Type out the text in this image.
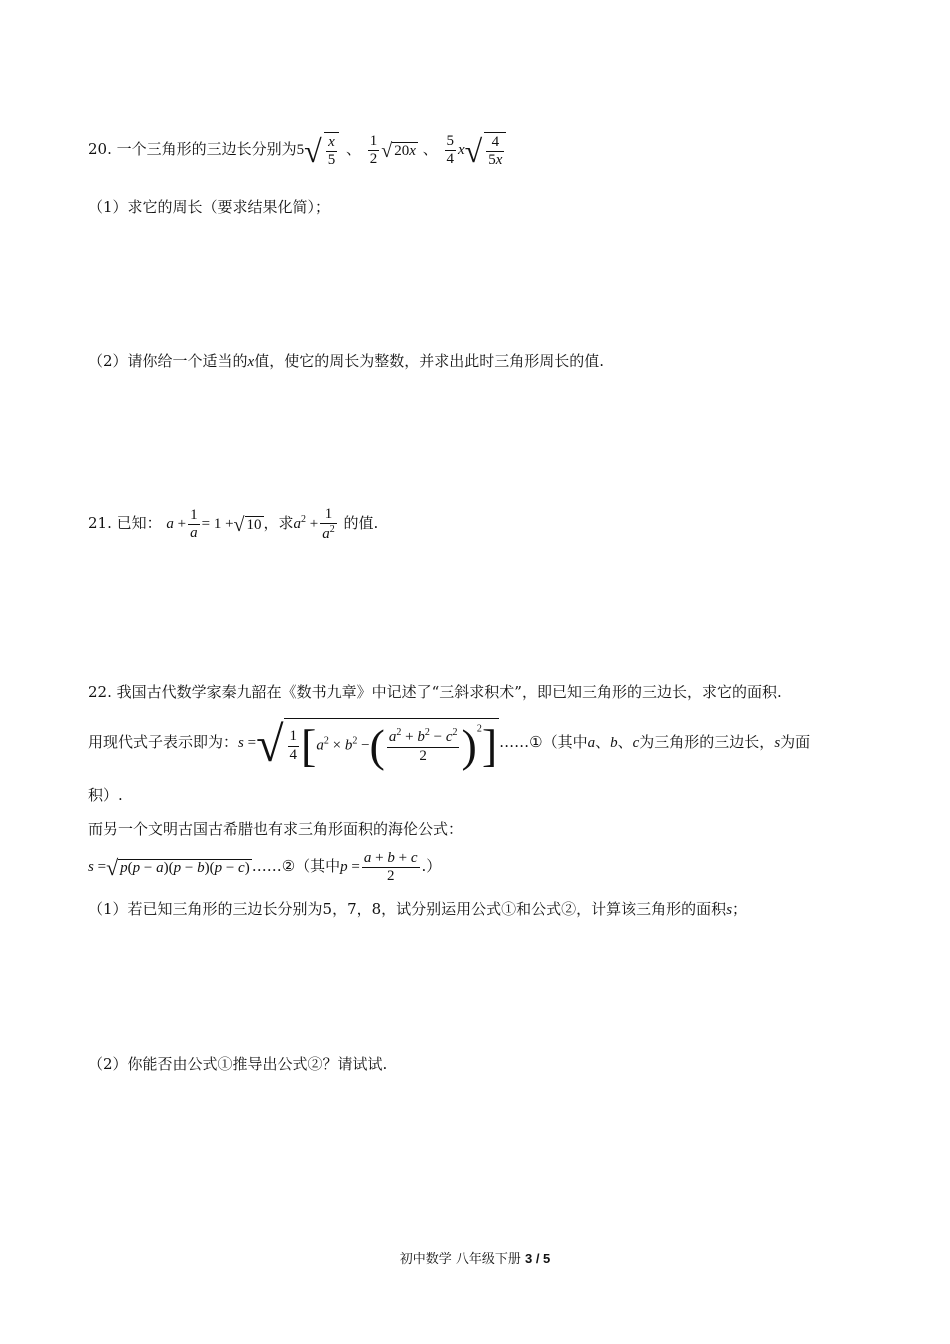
20. 一个三角形的三边长分别为$5√ \frac{x}{5}$ 、 $\frac{1}{2}$ √ 20x 、 $\frac{5}{4} x√ \frac{4}{5x}$
（1）求它的周长（要求结果化简）；
（2）请你给一个适当的x值，使它的周长为整数，并求出此时三角形周长的值.
21. 已知： $a + \frac{1}{a} = 1$ +√ 10 ，求$a^2 + \frac{1}{a^2}$ 的值.
22. 我国古代数学家秦九韶在《数书九章》中记述了“三斜求积术”，即已知三角形的三边长，求它的面积.
用现代式子表示即为：s =√ $\frac{1}{4} [a^2 \times b^2$ −( $\frac{a^2 + b^2 - c^2}{2} )^2$] ……①（其中a、b、c为三角形的三边长，s为面
积）.
而另一个文明古国古希腊也有求三角形面积的海伦公式：
s =√ p(p − a)(p − b)(p − c) ……②（其中$p = \frac{a + b + c}{2}$ .）
（1）若已知三角形的三边长分别为5，7，8，试分别运用公式①和公式②，计算该三角形的面积s；
（2）你能否由公式①推导出公式②？请试试.
初中数学 八年级下册 3 / 5
